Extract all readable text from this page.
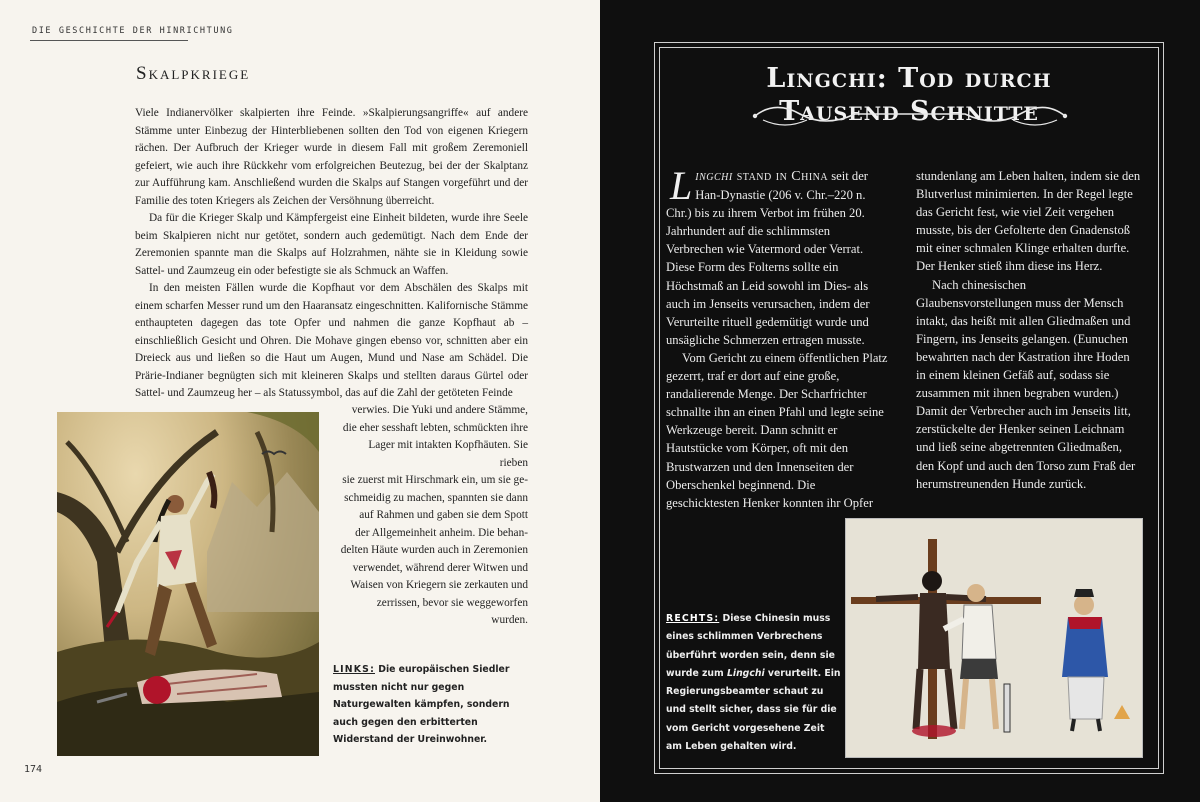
DIE GESCHICHTE DER HINRICHTUNG
Skalpkriege

Viele Indianervölker skalpierten ihre Feinde. »Skalpierungsangriffe« auf andere Stämme unter Einbezug der Hinterbliebenen sollten den Tod von eigenen Kriegern rächen. Der Aufbruch der Krieger wurde in diesem Fall mit großem Zeremoniell gefeiert, wie auch ihre Rückkehr vom erfolgreichen Beutezug, bei der der Skalptanz zur Aufführung kam. Anschließend wurden die Skalps auf Stangen vorgeführt und der Familie des toten Kriegers als Zeichen der Versöhnung überreicht.

Da für die Krieger Skalp und Kämpfergeist eine Einheit bildeten, wurde ihre Seele beim Skalpieren nicht nur getötet, sondern auch gedemütigt. Nach dem Ende der Zeremonien spannte man die Skalps auf Holzrahmen, nähte sie in Kleidung sowie Sattel- und Zaumzeug ein oder befestigte sie als Schmuck an Waffen.

In den meisten Fällen wurde die Kopfhaut vor dem Abschälen des Skalps mit einem scharfen Messer rund um den Haaransatz eingeschnitten. Kalifornische Stämme enthaupteten dagegen das tote Opfer und nahmen die ganze Kopfhaut ab – einschließlich Gesicht und Ohren. Die Mohave gingen ebenso vor, schnitten aber ein Dreieck aus und ließen so die Haut um Augen, Mund und Nase am Schädel. Die Prärie-Indianer begnügten sich mit kleineren Skalps und stellten daraus Gürtel oder Sattel- und Zaumzeug her – als Statussymbol, das auf die Zahl der getöteten Feinde

verwies. Die Yuki und andere Stämme,

die eher sesshaft lebten, schmückten ihre

Lager mit intakten Kopfhäuten. Sie rieben

sie zuerst mit Hirschmark ein, um sie ge-

schmeidig zu machen, spannten sie dann

auf Rahmen und gaben sie dem Spott

der Allgemeinheit anheim. Die behan-

delten Häute wurden auch in Zeremonien

verwendet, während derer Witwen und

Waisen von Kriegern sie zerkauten und

zerrissen, bevor sie weggeworfen wurden.

LINKS: Die europäischen Siedler mussten nicht nur gegen Naturgewalten kämpfen, sondern auch gegen den erbitterten Widerstand der Ureinwohner.
174
Lingchi: Tod durch
Tausend Schnitte

Lingchi stand in China seit der Han-Dynastie (206 v. Chr.–220 n. Chr.) bis zu ihrem Verbot im frühen 20. Jahrhundert auf die schlimmsten Verbrechen wie Vatermord oder Verrat. Diese Form des Folterns sollte ein Höchstmaß an Leid sowohl im Dies- als auch im Jenseits verursachen, indem der Verurteilte rituell gedemütigt wurde und unsägliche Schmerzen ertragen musste.

Vom Gericht zu einem öffentlichen Platz gezerrt, traf er dort auf eine große, randalierende Menge. Der Scharfrichter schnallte ihn an einen Pfahl und legte seine Werkzeuge bereit. Dann schnitt er Hautstücke vom Körper, oft mit den Brustwarzen und den Innenseiten der Oberschenkel beginnend. Die geschicktesten Henker konnten ihr Opfer

stundenlang am Leben halten, indem sie den Blutverlust minimierten. In der Regel legte das Gericht fest, wie viel Zeit vergehen musste, bis der Gefolterte den Gnadenstoß mit einer schmalen Klinge erhalten durfte. Der Henker stieß ihm diese ins Herz.

Nach chinesischen Glaubensvorstellungen muss der Mensch intakt, das heißt mit allen Gliedmaßen und Fingern, ins Jenseits gelangen. (Eunuchen bewahrten nach der Kastration ihre Hoden in einem kleinen Gefäß auf, sodass sie zusammen mit ihnen begraben wurden.) Damit der Verbrecher auch im Jenseits litt, zerstückelte der Henker seinen Leichnam und ließ seine abgetrennten Gliedmaßen, den Kopf und auch den Torso zum Fraß der herumstreunenden Hunde zurück.

RECHTS: Diese Chinesin muss eines schlimmen Verbrechens überführt worden sein, denn sie wurde zum Lingchi verurteilt. Ein Regierungsbeamter schaut zu und stellt sicher, dass sie für die vom Gericht vorgesehene Zeit am Leben gehalten wird.
